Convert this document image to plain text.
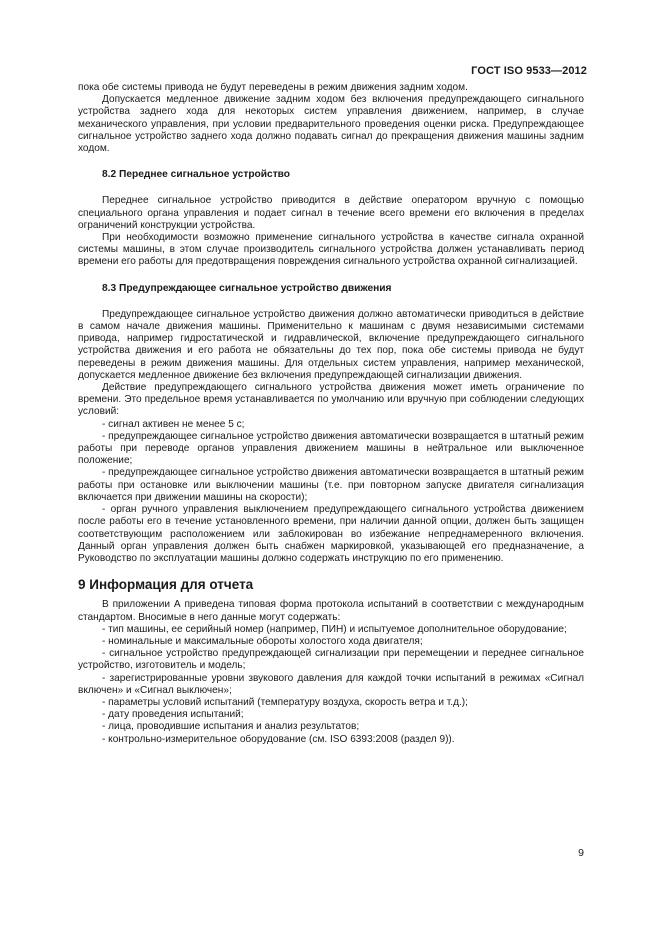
ГОСТ ISO 9533—2012

пока обе системы привода не будут переведены в режим движения задним ходом.

Допускается медленное движение задним ходом без включения предупреждающего сигнального устройства заднего хода для некоторых систем управления движением, например, в случае механического управления, при условии предварительного проведения оценки риска. Предупреждающее сигнальное устройство заднего хода должно подавать сигнал до прекращения движения машины задним ходом.

8.2 Переднее сигнальное устройство

Переднее сигнальное устройство приводится в действие оператором вручную с помощью специального органа управления и подает сигнал в течение всего времени его включения в пределах ограничений конструкции устройства.

При необходимости возможно применение сигнального устройства в качестве сигнала охранной системы машины, в этом случае производитель сигнального устройства должен устанавливать период времени его работы для предотвращения повреждения сигнального устройства охранной сигнализацией.

8.3 Предупреждающее сигнальное устройство движения

Предупреждающее сигнальное устройство движения должно автоматически приводиться в действие в самом начале движения машины. Применительно к машинам с двумя независимыми системами привода, например гидростатической и гидравлической, включение предупреждающего сигнального устройства движения и его работа не обязательны до тех пор, пока обе системы привода не будут переведены в режим движения машины. Для отдельных систем управления, например механической, допускается медленное движение без включения предупреждающей сигнализации движения.

Действие предупреждающего сигнального устройства движения может иметь ограничение по времени. Это предельное время устанавливается по умолчанию или вручную при соблюдении следующих условий:

- сигнал активен не менее 5 с;

- предупреждающее сигнальное устройство движения автоматически возвращается в штатный режим работы при переводе органов управления движением машины в нейтральное или выключенное положение;

- предупреждающее сигнальное устройство движения автоматически возвращается в штатный режим работы при остановке или выключении машины (т.е. при повторном запуске двигателя сигнализация включается при движении машины на скорости);

- орган ручного управления выключением предупреждающего сигнального устройства движением после работы его в течение установленного времени, при наличии данной опции, должен быть защищен соответствующим расположением или заблокирован во избежание непреднамеренного включения. Данный орган управления должен быть снабжен маркировкой, указывающей его предназначение, а Руководство по эксплуатации машины должно содержать инструкцию по его применению.

9 Информация для отчета

В приложении А приведена типовая форма протокола испытаний в соответствии с международным стандартом. Вносимые в него данные могут содержать:

- тип машины, ее серийный номер (например, ПИН) и испытуемое дополнительное оборудование;

- номинальные и максимальные обороты холостого хода двигателя;

- сигнальное устройство предупреждающей сигнализации при перемещении и переднее сигнальное устройство, изготовитель и модель;

- зарегистрированные уровни звукового давления для каждой точки испытаний в режимах «Сигнал включен» и «Сигнал выключен»;

- параметры условий испытаний (температуру воздуха, скорость ветра и т.д.);

- дату проведения испытаний;

- лица, проводившие испытания и анализ результатов;

- контрольно-измерительное оборудование (см. ISO 6393:2008 (раздел 9)).

9
